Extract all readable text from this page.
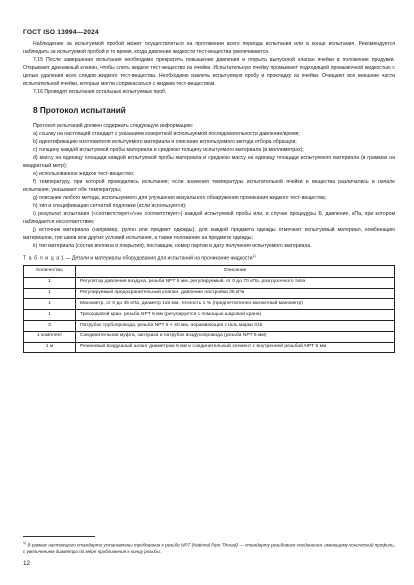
ГОСТ ISO 13994—2024

Наблюдение за испытуемой пробой может осуществляться на протяжении всего периода испытания или в конце испытания. Рекомендуется наблюдать за испытуемой пробой в то время, когда давление жидкости тест-вещества увеличивается.

7.15 После завершения испытания необходимо прекратить повышение давления и открыть выпускной клапан ячейки в положение продувки. Открывают дренажный клапан, чтобы слить жидкое тест-вещество из ячейки. Испытательную ячейку промывают подходящей промывочной жидкостью с целью удаления всех следов жидкого тест-вещества. Необходимо извлечь испытуемую пробу и прокладку из ячейки. Очищают все внешние части испытательной ячейки, которые могли соприкасаться с жидким тест-веществом.

7.16 Проводят испытания остальных испытуемых проб.

8 Протокол испытаний

Протокол испытаний должен содержать следующую информацию:

а) ссылку на настоящий стандарт с указанием конкретной используемой последовательности давление/время;

b) идентификацию изготовителя испытуемого материала и описание используемого метода отбора образцов;

c) толщину каждой испытуемой пробы материала и среднюю толщину испытуемого материала (в миллиметрах);

d) массу на единицу площади каждой испытуемой пробы материала и среднюю массу на единицу площади испытуемого материала (в граммах на квадратный метр);

e) использованное жидкое тест-вещество;

f) температуру, при которой проводились испытания; если значения температуры испытательной ячейки и вещества различались в начале испытания, указывают обе температуры;

g) описание любого метода, используемого для улучшения визуального обнаружения проникания жидкого тест-вещества;

h) тип и спецификацию сетчатой подложки (если используется);

i) результат испытания («соответствует»/«не соответствует») каждой испытуемой пробы или, в случае процедуры Б, давление, кПа, при котором наблюдается несоответствие;

j) источник материала (например, рулон или предмет одежды); для каждой предмета одежды отмечают испытуемый материал, комбинацию материалов, тип швов или других условий испытания, а также положение на предмете одежды;

k) тип материала (состав волокна и покрытия), поставщик, номер партии и дату получения испытуемого материала.

Т а б л и ц а 1 — Детали и материалы оборудования для испытаний на проникание жидкости$^{1)}$
Количество	Описание
1	Регулятор давления воздуха, резьба NPT 6 мм, регулируемый, от 0 до 70 кПа, разгрузочного типа
1	Регулируемый предохранительный клапан, давление настройки 35 кПа
1	Манометр, от 0 до 35 кПа, диаметр 115 мм, точность 1 % (предпочтителен магнитный манометр)
1	Трехходовой кран, резьба NPT 6 мм (регулируется с помощью шаровой крана)
3	Патрубок трубопровода, резьба NPT 6 × 40 мм, нержавеющая сталь марки 316
1 комплект	Соединительная муфта, заглушка и патрубок воздухопровода (резьба NPT 6 мм)
1 м	Резиновый воздушный шланг диаметром 6 мм и соединительный элемент с внутренней резьбой NPT 6 мм
$^{1)}$ В рамках настоящего стандарта установлены требования к резьбе NPT (National Pipe Thread) — стандарту резьбового соединения, имеющему конический профиль, с увеличением диаметра по мере приближения к концу резьбы.
12
